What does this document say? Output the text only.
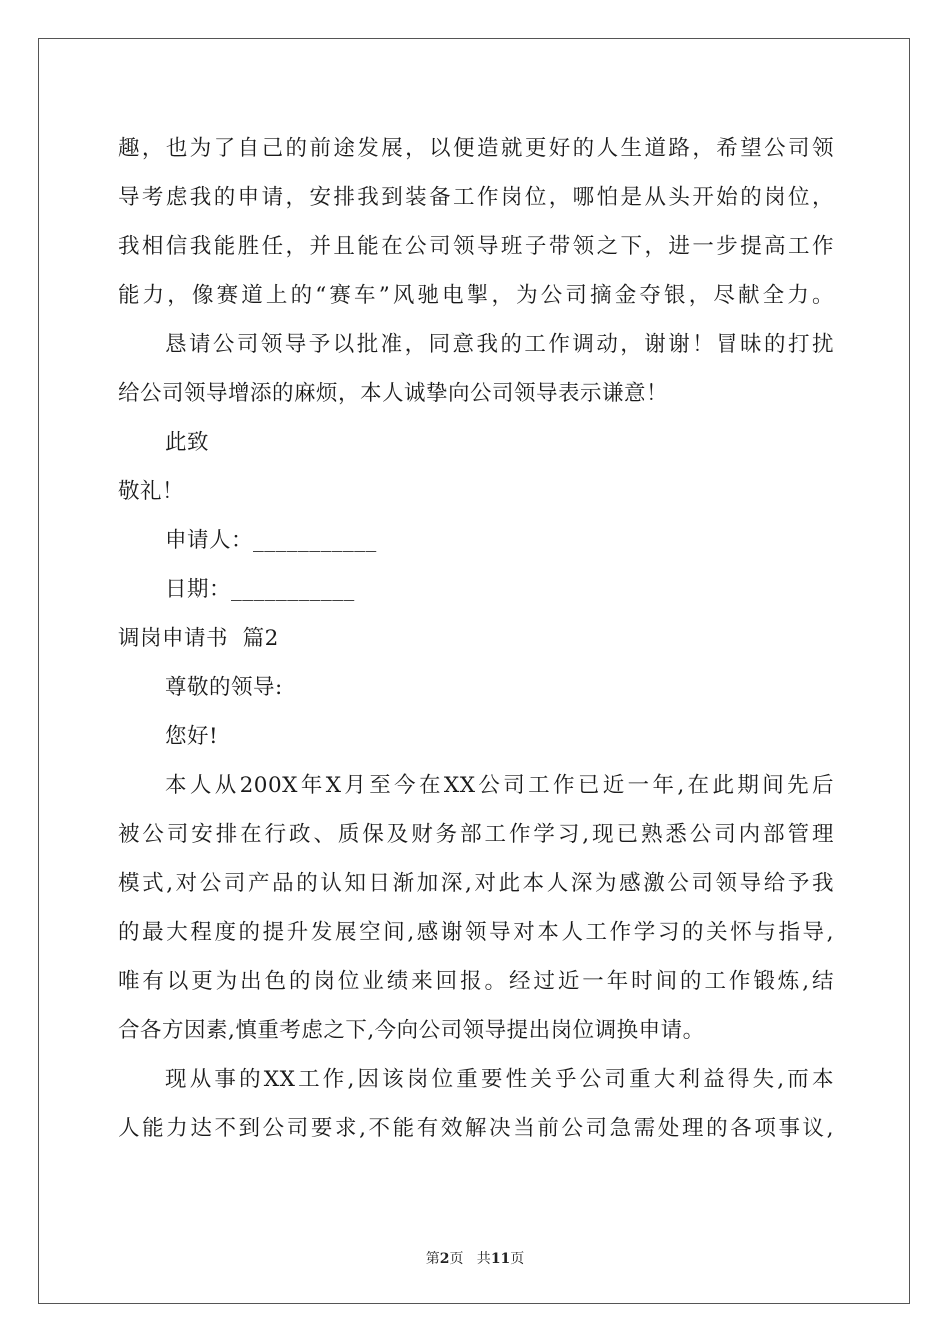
趣，也为了自己的前途发展，以便造就更好的人生道路，希望公司领
导考虑我的申请，安排我到装备工作岗位，哪怕是从头开始的岗位，
我相信我能胜任，并且能在公司领导班子带领之下，进一步提高工作
能力，像赛道上的“赛车”风驰电掣，为公司摘金夺银，尽献全力。
恳请公司领导予以批准，同意我的工作调动，谢谢！冒昧的打扰
给公司领导增添的麻烦，本人诚挚向公司领导表示谦意！
此致
敬礼！
申请人：___________
日期：___________
调岗申请书  篇2
尊敬的领导:
您好!
本人从200X年X月至今在XX公司工作已近一年,在此期间先后
被公司安排在行政、质保及财务部工作学习,现已熟悉公司内部管理
模式,对公司产品的认知日渐加深,对此本人深为感激公司领导给予我
的最大程度的提升发展空间,感谢领导对本人工作学习的关怀与指导,
唯有以更为出色的岗位业绩来回报。经过近一年时间的工作锻炼,结
合各方因素,慎重考虑之下,今向公司领导提出岗位调换申请。
现从事的XX工作,因该岗位重要性关乎公司重大利益得失,而本
人能力达不到公司要求,不能有效解决当前公司急需处理的各项事议,
第2页   共11页
